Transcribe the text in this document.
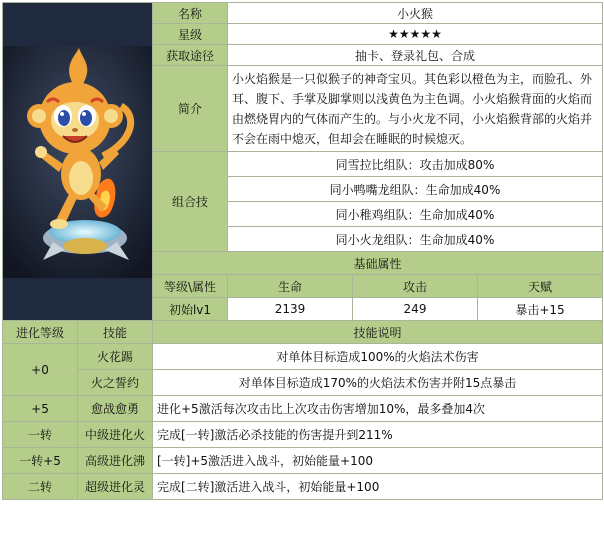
	名称	小火猴			
	星级	★★★★★			
	获取途径	抽卡、登录礼包、合成			
	简介	小火焰猴是一只似猴子的神奇宝贝。其色彩以橙色为主，而脸孔、外耳、腹下、手掌及脚掌则以浅黄色为主色调。小火焰猴背面的火焰而由燃烧胃内的气体而产生的。与小火龙不同，小火焰猴背部的火焰并不会在雨中熄灭，但却会在睡眠的时候熄灭。			
	组合技	同雪拉比组队：攻击加成80%			
		同小鸭嘴龙组队：生命加成40%			
		同小稚鸡组队：生命加成40%			
		同小火龙组队：生命加成40%			
	基础属性				
	等级\属性	生命	攻击	天赋		
	初始lv1	2139	249	暴击+15		
进化等级	技能	技能说明
+0	火花踢	对单体目标造成100%的火焰法术伤害
	火之誓约	对单体目标造成170%的火焰法术伤害并附15点暴击
+5	愈战愈勇	进化+5激活每次攻击比上次攻击伤害增加10%，最多叠加4次
一转	中级进化火	完成[一转]激活必杀技能的伤害提升到211%
一转+5	高级进化沸	[一转]+5激活进入战斗，初始能量+100
二转	超级进化灵	完成[二转]激活进入战斗，初始能量+100
